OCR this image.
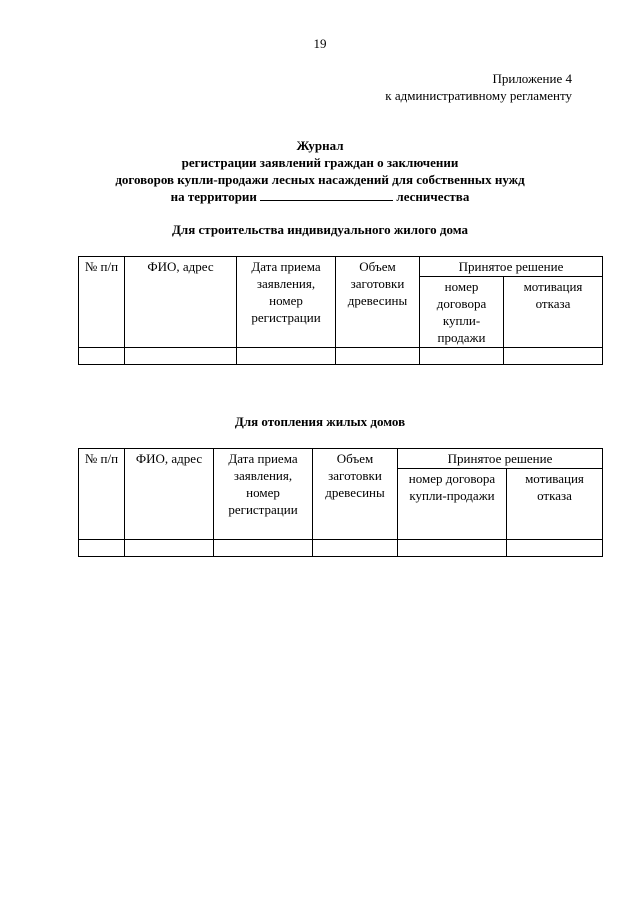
19
Приложение 4
к административному регламенту
Журнал
регистрации заявлений граждан о заключении
договоров купли-продажи лесных насаждений для собственных нужд
на территории	лесничества
Для строительства индивидуального жилого дома
№ п/п	ФИО, адрес	Дата приема заявления, номер регистрации	Объем заготовки древесины	Принятое решение	
				номер договора купли-продажи	мотивация отказа

Для отопления жилых домов
№ п/п	ФИО, адрес	Дата приема заявления, номер регистрации	Объем заготовки древесины	Принятое решение	
				номер договора купли-продажи	мотивация отказа
